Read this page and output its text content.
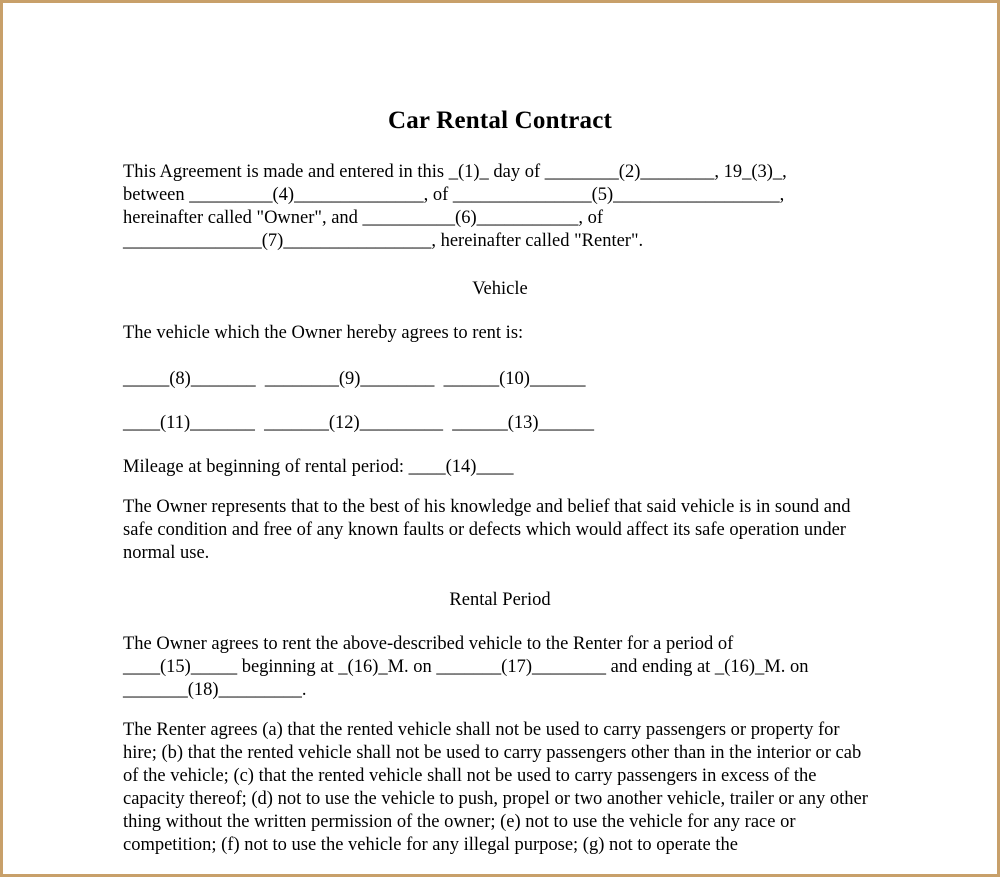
Car Rental Contract
This Agreement is made and entered in this _(1)_ day of ________(2)________, 19_(3)_,
between _________(4)______________, of _______________(5)__________________,
hereinafter called "Owner", and __________(6)___________, of
_______________(7)________________, hereinafter called "Renter".
Vehicle
The vehicle which the Owner hereby agrees to rent is:
_____(8)_______  ________(9)________  ______(10)______
____(11)_______  _______(12)_________  ______(13)______
Mileage at beginning of rental period: ____(14)____
The Owner represents that to the best of his knowledge and belief that said vehicle is in sound and safe condition and free of any known faults or defects which would affect its safe operation under normal use.
Rental Period
The Owner agrees to rent the above-described vehicle to the Renter for a period of
____(15)_____ beginning at _(16)_M. on _______(17)________ and ending at _(16)_M. on
_______(18)_________.
The Renter agrees (a) that the rented vehicle shall not be used to carry passengers or property for hire; (b) that the rented vehicle shall not be used to carry passengers other than in the interior or cab of the vehicle; (c) that the rented vehicle shall not be used to carry passengers in excess of the capacity thereof; (d) not to use the vehicle to push, propel or two another vehicle, trailer or any other thing without the written permission of the owner; (e) not to use the vehicle for any race or competition; (f) not to use the vehicle for any illegal purpose; (g) not to operate the
